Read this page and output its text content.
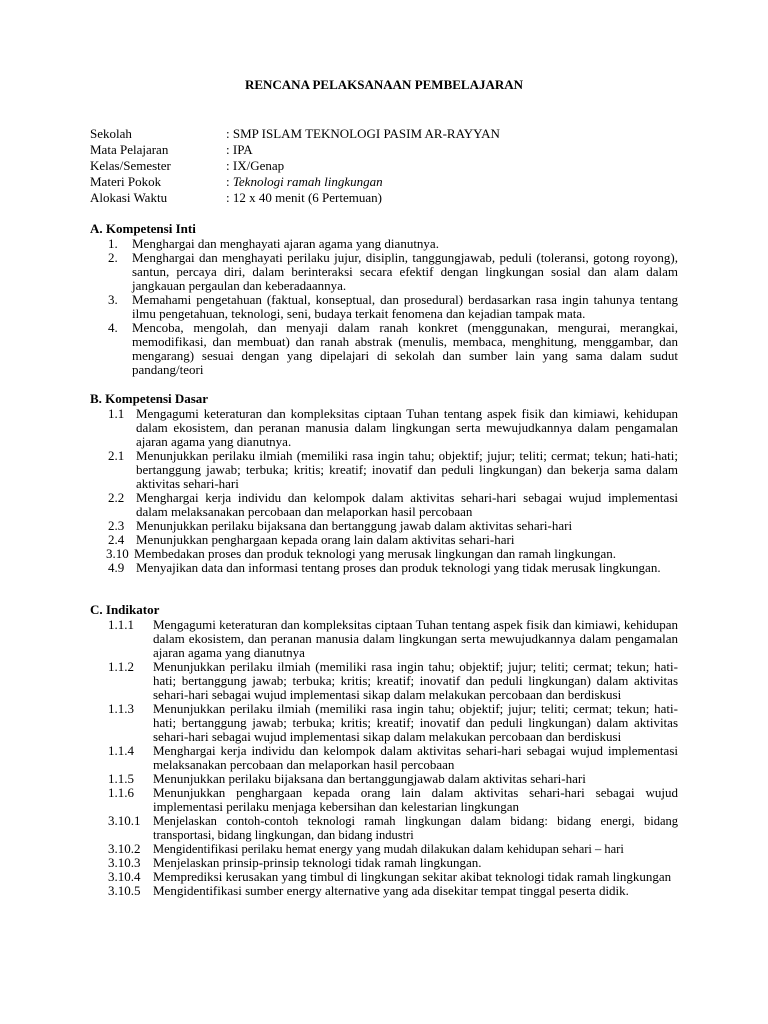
RENCANA PELAKSANAAN PEMBELAJARAN
Sekolah	: SMP ISLAM TEKNOLOGI PASIM AR-RAYYAN
Mata Pelajaran	: IPA
Kelas/Semester	: IX/Genap
Materi Pokok	: Teknologi ramah lingkungan
Alokasi Waktu	: 12 x 40 menit (6 Pertemuan)
A. Kompetensi Inti
1.	Menghargai dan menghayati ajaran agama yang dianutnya.
2.	Menghargai dan menghayati perilaku jujur, disiplin, tanggungjawab, peduli (toleransi, gotong royong), santun, percaya diri, dalam berinteraksi secara efektif dengan lingkungan sosial dan alam dalam jangkauan pergaulan dan keberadaannya.
3.	Memahami pengetahuan (faktual, konseptual, dan prosedural) berdasarkan rasa ingin tahunya tentang ilmu pengetahuan, teknologi, seni, budaya terkait fenomena dan kejadian tampak mata.
4.	Mencoba, mengolah, dan menyaji dalam ranah konkret (menggunakan, mengurai, merangkai, memodifikasi, dan membuat) dan ranah abstrak (menulis, membaca, menghitung, menggambar, dan mengarang) sesuai dengan yang dipelajari di sekolah dan sumber lain yang sama dalam sudut pandang/teori
B. Kompetensi Dasar
1.1 Mengagumi keteraturan dan kompleksitas ciptaan Tuhan tentang aspek fisik dan kimiawi, kehidupan dalam ekosistem, dan peranan manusia dalam lingkungan serta mewujudkannya dalam pengamalan ajaran agama yang dianutnya.
2.1 Menunjukkan perilaku ilmiah (memiliki rasa ingin tahu; objektif; jujur; teliti; cermat; tekun; hati-hati; bertanggung jawab; terbuka; kritis; kreatif; inovatif dan peduli lingkungan) dan bekerja sama dalam aktivitas sehari-hari
2.2 Menghargai kerja individu dan kelompok dalam aktivitas sehari-hari sebagai wujud implementasi dalam melaksanakan percobaan dan melaporkan hasil percobaan
2.3 Menunjukkan perilaku bijaksana dan bertanggung jawab dalam aktivitas sehari-hari
2.4 Menunjukkan penghargaan kepada orang lain dalam aktivitas sehari-hari
3.10 Membedakan proses dan produk teknologi yang merusak lingkungan dan ramah lingkungan.
4.9 Menyajikan data dan informasi tentang proses dan produk teknologi yang tidak merusak lingkungan.
C. Indikator
1.1.1	Mengagumi keteraturan dan kompleksitas ciptaan Tuhan tentang aspek fisik dan kimiawi, kehidupan dalam ekosistem, dan peranan manusia dalam lingkungan serta mewujudkannya dalam pengamalan ajaran agama yang dianutnya
1.1.2	Menunjukkan perilaku ilmiah (memiliki rasa ingin tahu; objektif; jujur; teliti; cermat; tekun; hati-hati; bertanggung jawab; terbuka; kritis; kreatif; inovatif dan peduli lingkungan) dalam aktivitas sehari-hari sebagai wujud implementasi sikap dalam melakukan percobaan dan berdiskusi
1.1.3	Menunjukkan perilaku ilmiah (memiliki rasa ingin tahu; objektif; jujur; teliti; cermat; tekun; hati-hati; bertanggung jawab; terbuka; kritis; kreatif; inovatif dan peduli lingkungan) dalam aktivitas sehari-hari sebagai wujud implementasi sikap dalam melakukan percobaan dan berdiskusi
1.1.4	Menghargai kerja individu dan kelompok dalam aktivitas sehari-hari sebagai wujud implementasi melaksanakan percobaan dan melaporkan hasil percobaan
1.1.5	Menunjukkan perilaku bijaksana dan bertanggungjawab dalam aktivitas sehari-hari
1.1.6	Menunjukkan penghargaan kepada orang lain dalam aktivitas sehari-hari sebagai wujud implementasi perilaku menjaga kebersihan dan kelestarian lingkungan
3.10.1	Menjelaskan contoh-contoh teknologi ramah lingkungan dalam bidang: bidang energi, bidang transportasi, bidang lingkungan, dan bidang industri
3.10.2	Mengidentifikasi perilaku hemat energy yang mudah dilakukan dalam kehidupan sehari – hari
3.10.3 Menjelaskan prinsip-prinsip teknologi tidak ramah lingkungan.
3.10.4 Memprediksi kerusakan yang timbul di lingkungan sekitar akibat teknologi tidak ramah lingkungan
3.10.5 Mengidentifikasi sumber energy alternative yang ada disekitar tempat tinggal peserta didik.
